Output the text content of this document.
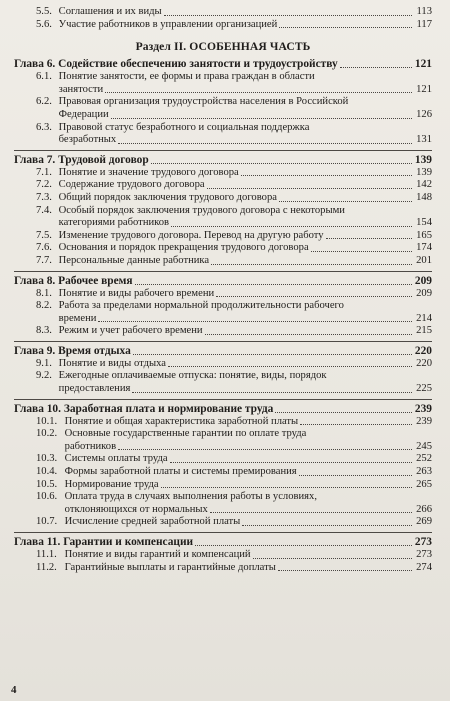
5.5. Соглашения и их виды	113
5.6. Участие работников в управлении организацией	117
Раздел II. ОСОБЕННАЯ ЧАСТЬ
Глава 6. Содействие обеспечению занятости и трудоустройству	121
6.1. Понятие занятости, ее формы и права граждан в области
занятости	121
6.2. Правовая организация трудоустройства населения в Российской
Федерации	126
6.3. Правовой статус безработного и социальная поддержка
безработных	131
Глава 7. Трудовой договор	139
7.1. Понятие и значение трудового договора	139
7.2. Содержание трудового договора	142
7.3. Общий порядок заключения трудового договора	148
7.4. Особый порядок заключения трудового договора с некоторыми
категориями работников	154
7.5. Изменение трудового договора. Перевод на другую работу	165
7.6. Основания и порядок прекращения трудового договора	174
7.7. Персональные данные работника	201
Глава 8. Рабочее время	209
8.1. Понятие и виды рабочего времени	209
8.2. Работа за пределами нормальной продолжительности рабочего
времени	214
8.3. Режим и учет рабочего времени	215
Глава 9. Время отдыха	220
9.1. Понятие и виды отдыха	220
9.2. Ежегодные оплачиваемые отпуска: понятие, виды, порядок
предоставления	225
Глава 10. Заработная плата и нормирование труда	239
10.1. Понятие и общая характеристика заработной платы	239
10.2. Основные государственные гарантии по оплате труда
работников	245
10.3. Системы оплаты труда	252
10.4. Формы заработной платы и системы премирования	263
10.5. Нормирование труда	265
10.6. Оплата труда в случаях выполнения работы в условиях,
отклоняющихся от нормальных	266
10.7. Исчисление средней заработной платы	269
Глава 11. Гарантии и компенсации	273
11.1. Понятие и виды гарантий и компенсаций	273
11.2. Гарантийные выплаты и гарантийные доплаты	274
4
